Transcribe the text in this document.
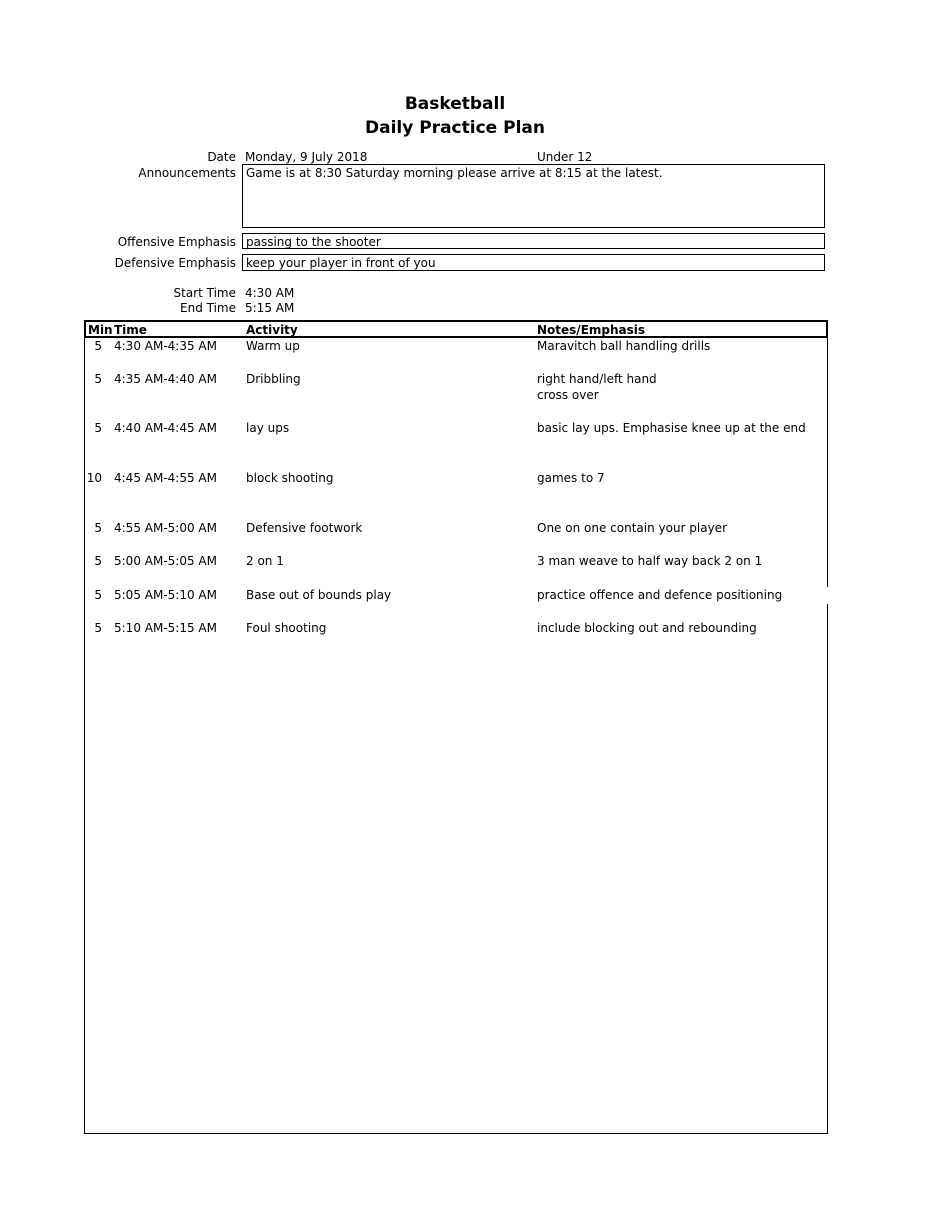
Basketball
Daily Practice Plan
Date Monday, 9 July 2018	Under 12
Announcements Game is at 8:30 Saturday morning please arrive at 8:15 at the latest.
Offensive Emphasis passing to the shooter
Defensive Emphasis keep your player in front of you
Start Time 4:30 AM
End Time 5:15 AM
Min Time	Activity	Notes/Emphasis
5 4:30 AM-4:35 AM Warm up	Maravitch ball handling drills
5 4:35 AM-4:40 AM Dribbling	right hand/left hand
cross over
5 4:40 AM-4:45 AM lay ups	basic lay ups. Emphasise knee up at the end
10 4:45 AM-4:55 AM block shooting	games to 7
5 4:55 AM-5:00 AM Defensive footwork	One on one contain your player
5 5:00 AM-5:05 AM 2 on 1	3 man weave to half way back 2 on 1
5 5:05 AM-5:10 AM Base out of bounds play	practice offence and defence positioning
5 5:10 AM-5:15 AM Foul shooting	include blocking out and rebounding
